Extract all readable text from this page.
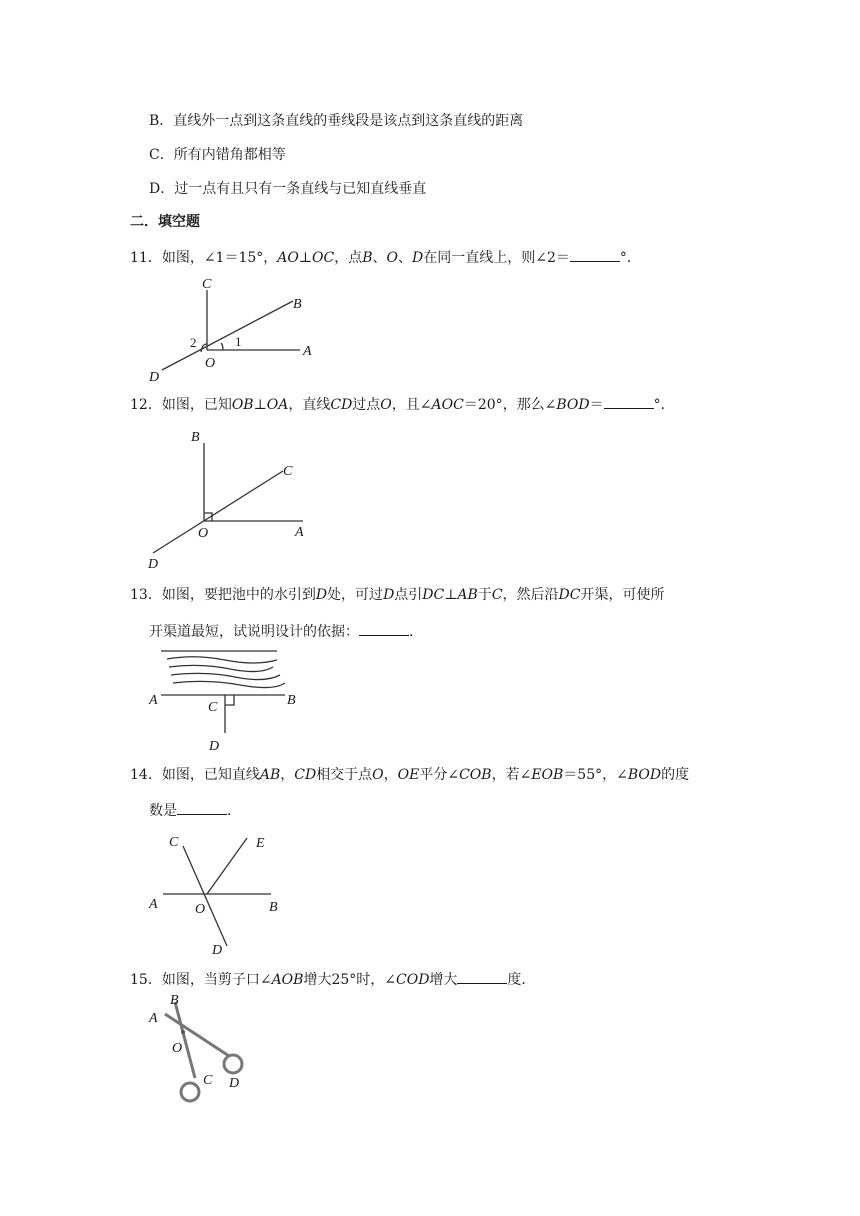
B．直线外一点到这条直线的垂线段是该点到这条直线的距离
C．所有内错角都相等
D．过一点有且只有一条直线与已知直线垂直
二．填空题
11．如图，∠1＝15°，AO⊥OC，点B、O、D在同一直线上，则∠2＝	°．
C
B
A
O
D
1
2
12．如图，已知OB⊥OA，直线CD过点O，且∠AOC＝20°，那么∠BOD＝	°．
B
C
O	A
D
13．如图，要把池中的水引到D处，可过D点引DC⊥AB于C，然后沿DC开渠，可使所
开渠道最短，试说明设计的依据：	．
A	C	B
D
14．如图，已知直线AB，CD相交于点O，OE平分∠COB，若∠EOB＝55°，∠BOD的度
数是	．
C	E
A	O	B
D
15．如图，当剪子口∠AOB增大25°时，∠COD增大	度．
B
A
O
C D
